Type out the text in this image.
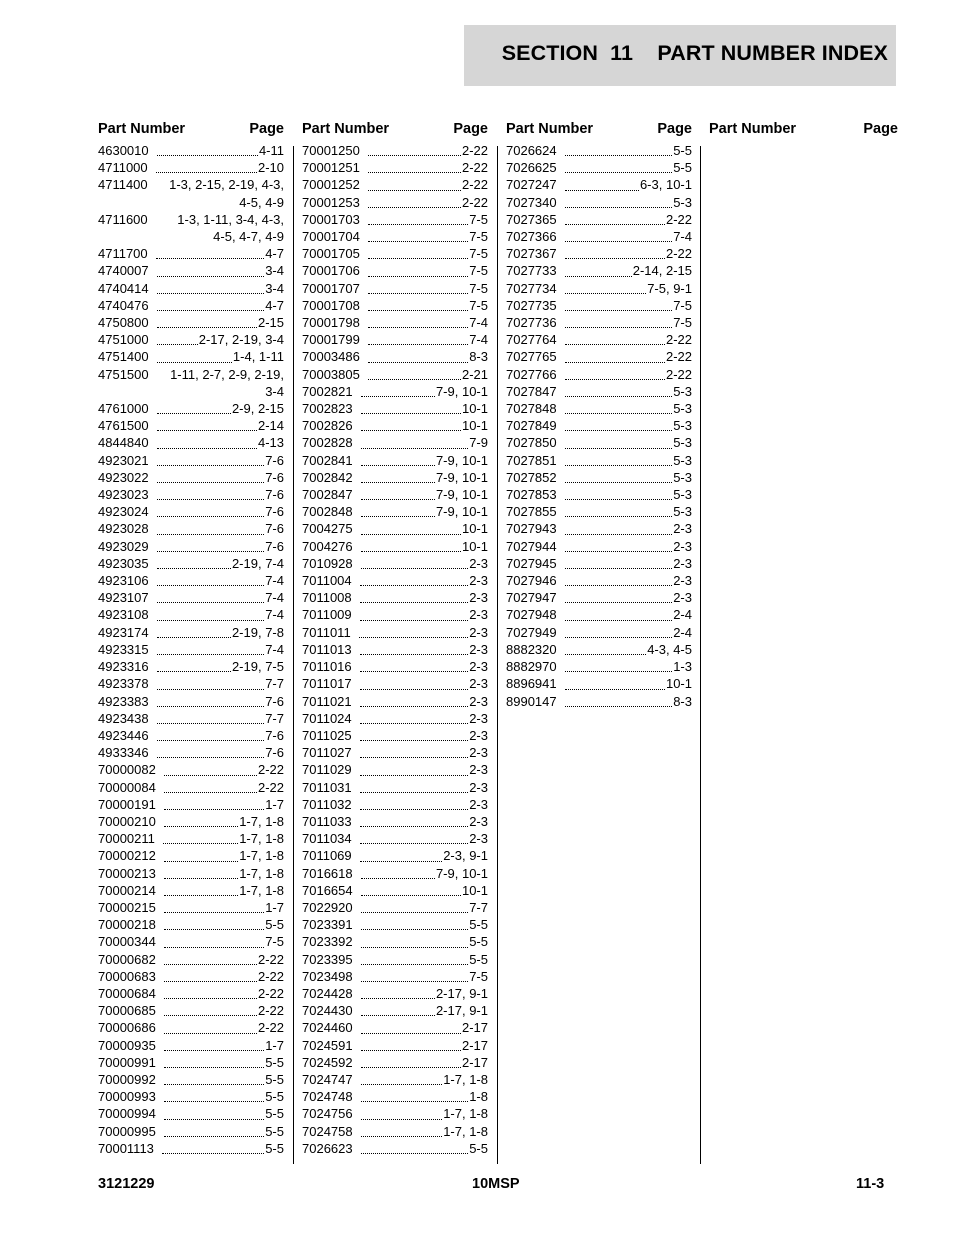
SECTION  11    PART NUMBER INDEX
Part Number	Page
4630010	4-11
4711000	2-10
4711400 1-3, 2-15, 2-19, 4-3,
4-5, 4-9
4711600 1-3, 1-11, 3-4, 4-3,
4-5, 4-7, 4-9
4711700	4-7
4740007	3-4
4740414	3-4
4740476	4-7
4750800	2-15
4751000	2-17, 2-19, 3-4
4751400	1-4, 1-11
4751500 1-11, 2-7, 2-9, 2-19,
3-4
4761000	2-9, 2-15
4761500	2-14
4844840	4-13
4923021	7-6
4923022	7-6
4923023	7-6
4923024	7-6
4923028	7-6
4923029	7-6
4923035	2-19, 7-4
4923106	7-4
4923107	7-4
4923108	7-4
4923174	2-19, 7-8
4923315	7-4
4923316	2-19, 7-5
4923378	7-7
4923383	7-6
4923438	7-7
4923446	7-6
4933346	7-6
70000082	2-22
70000084	2-22
70000191	1-7
70000210	1-7, 1-8
70000211	1-7, 1-8
70000212	1-7, 1-8
70000213	1-7, 1-8
70000214	1-7, 1-8
70000215	1-7
70000218	5-5
70000344	7-5
70000682	2-22
70000683	2-22
70000684	2-22
70000685	2-22
70000686	2-22
70000935	1-7
70000991	5-5
70000992	5-5
70000993	5-5
70000994	5-5
70000995	5-5
70001113	5-5
Part Number	Page
70001250	2-22
70001251	2-22
70001252	2-22
70001253	2-22
70001703	7-5
70001704	7-5
70001705	7-5
70001706	7-5
70001707	7-5
70001708	7-5
70001798	7-4
70001799	7-4
70003486	8-3
70003805	2-21
7002821	7-9, 10-1
7002823	10-1
7002826	10-1
7002828	7-9
7002841	7-9, 10-1
7002842	7-9, 10-1
7002847	7-9, 10-1
7002848	7-9, 10-1
7004275	10-1
7004276	10-1
7010928	2-3
7011004	2-3
7011008	2-3
7011009	2-3
7011011	2-3
7011013	2-3
7011016	2-3
7011017	2-3
7011021	2-3
7011024	2-3
7011025	2-3
7011027	2-3
7011029	2-3
7011031	2-3
7011032	2-3
7011033	2-3
7011034	2-3
7011069	2-3, 9-1
7016618	7-9, 10-1
7016654	10-1
7022920	7-7
7023391	5-5
7023392	5-5
7023395	5-5
7023498	7-5
7024428	2-17, 9-1
7024430	2-17, 9-1
7024460	2-17
7024591	2-17
7024592	2-17
7024747	1-7, 1-8
7024748	1-8
7024756	1-7, 1-8
7024758	1-7, 1-8
7026623	5-5
Part Number	Page
7026624	5-5
7026625	5-5
7027247	6-3, 10-1
7027340	5-3
7027365	2-22
7027366	7-4
7027367	2-22
7027733	2-14, 2-15
7027734	7-5, 9-1
7027735	7-5
7027736	7-5
7027764	2-22
7027765	2-22
7027766	2-22
7027847	5-3
7027848	5-3
7027849	5-3
7027850	5-3
7027851	5-3
7027852	5-3
7027853	5-3
7027855	5-3
7027943	2-3
7027944	2-3
7027945	2-3
7027946	2-3
7027947	2-3
7027948	2-4
7027949	2-4
8882320	4-3, 4-5
8882970	1-3
8896941	10-1
8990147	8-3
Part Number	Page
3121229	10MSP	11-3
